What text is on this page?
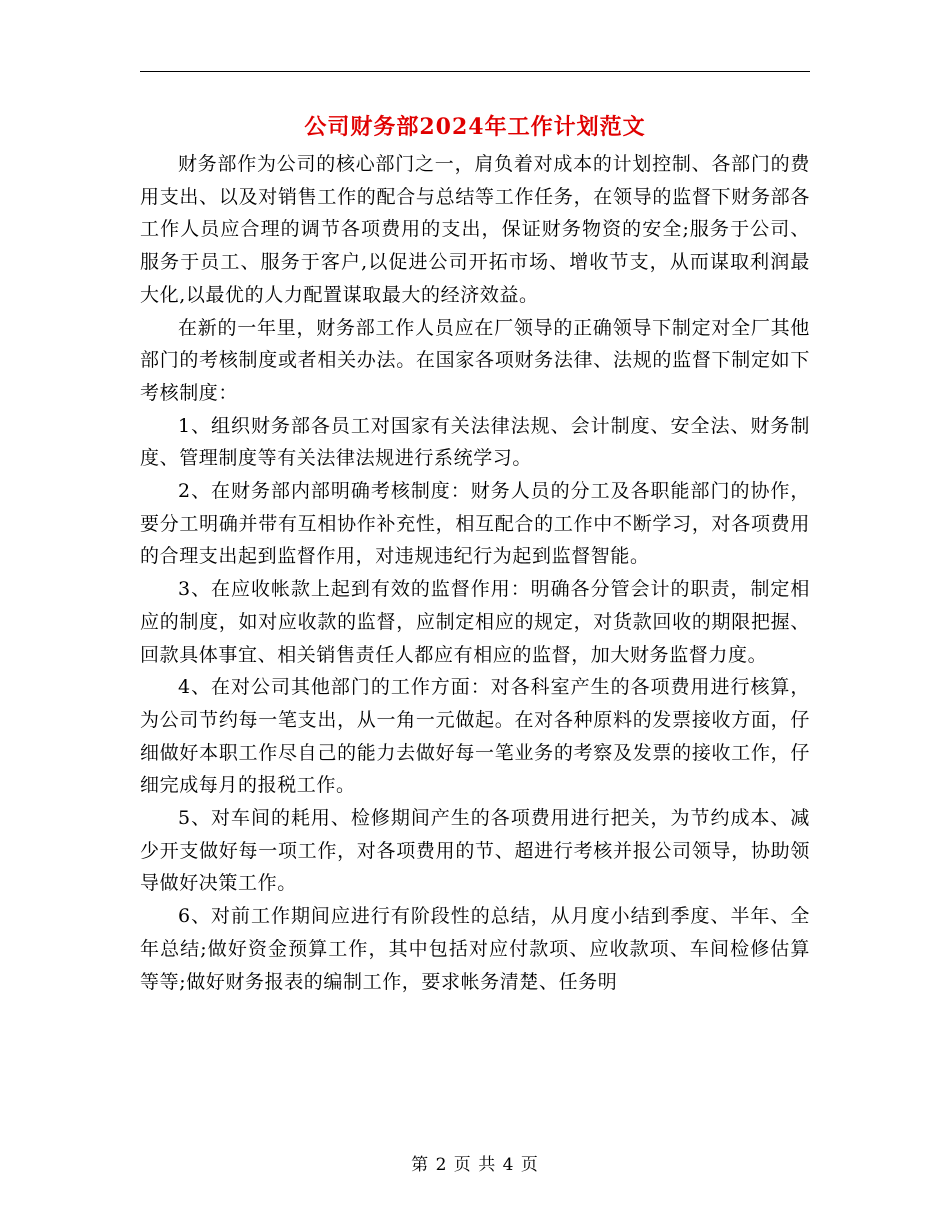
公司财务部2024年工作计划范文

财务部作为公司的核心部门之一，肩负着对成本的计划控制、各部门的费用支出、以及对销售工作的配合与总结等工作任务，在领导的监督下财务部各工作人员应合理的调节各项费用的支出，保证财务物资的安全;服务于公司、服务于员工、服务于客户,以促进公司开拓市场、增收节支，从而谋取利润最大化,以最优的人力配置谋取最大的经济效益。

在新的一年里，财务部工作人员应在厂领导的正确领导下制定对全厂其他部门的考核制度或者相关办法。在国家各项财务法律、法规的监督下制定如下考核制度：

1、组织财务部各员工对国家有关法律法规、会计制度、安全法、财务制度、管理制度等有关法律法规进行系统学习。

2、在财务部内部明确考核制度：财务人员的分工及各职能部门的协作，要分工明确并带有互相协作补充性，相互配合的工作中不断学习，对各项费用的合理支出起到监督作用，对违规违纪行为起到监督智能。

3、在应收帐款上起到有效的监督作用：明确各分管会计的职责，制定相应的制度，如对应收款的监督，应制定相应的规定，对货款回收的期限把握、回款具体事宜、相关销售责任人都应有相应的监督，加大财务监督力度。

4、在对公司其他部门的工作方面：对各科室产生的各项费用进行核算，为公司节约每一笔支出，从一角一元做起。在对各种原料的发票接收方面，仔细做好本职工作尽自己的能力去做好每一笔业务的考察及发票的接收工作，仔细完成每月的报税工作。

5、对车间的耗用、检修期间产生的各项费用进行把关，为节约成本、减少开支做好每一项工作，对各项费用的节、超进行考核并报公司领导，协助领导做好决策工作。

6、对前工作期间应进行有阶段性的总结，从月度小结到季度、半年、全年总结;做好资金预算工作，其中包括对应付款项、应收款项、车间检修估算等等;做好财务报表的编制工作，要求帐务清楚、任务明

第 2 页 共 4 页
